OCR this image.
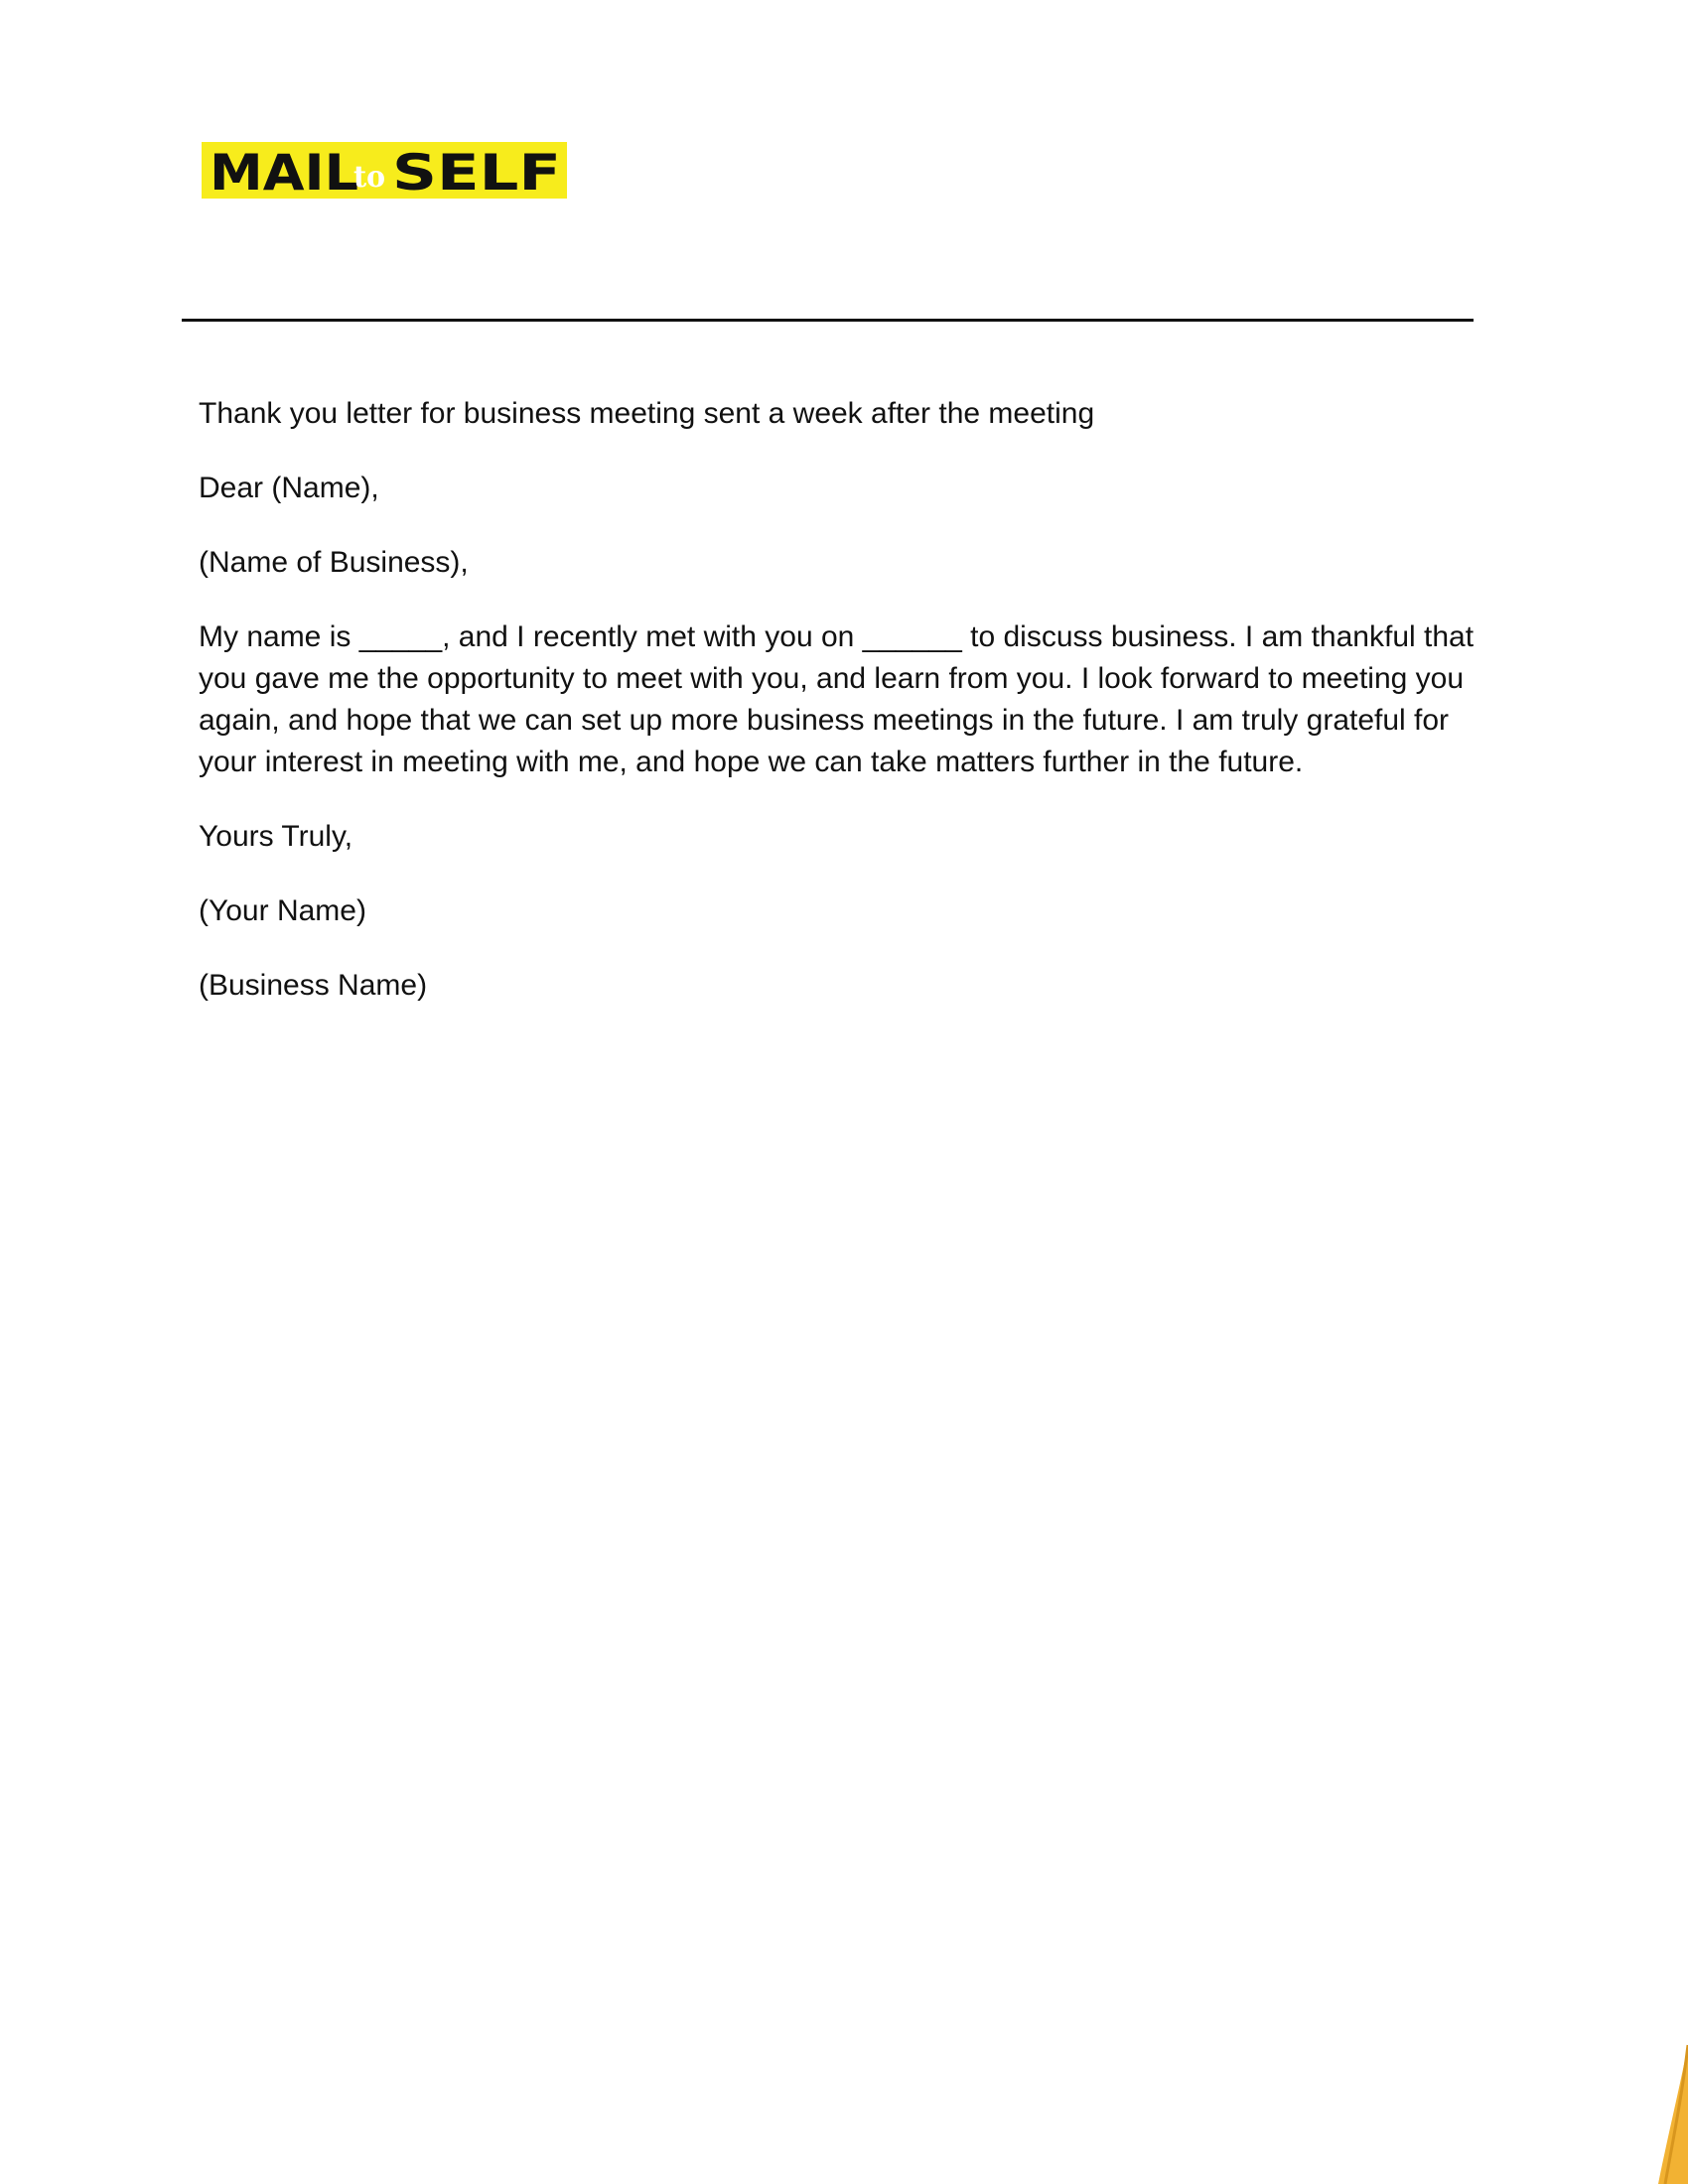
MAIL
to SELF

Thank you letter for business meeting sent a week after the meeting

Dear (Name),

(Name of Business),

My name is _____, and I recently met with you on ______ to discuss business. I am thankful that you gave me the opportunity to meet with you, and learn from you. I look forward to meeting you again, and hope that we can set up more business meetings in the future. I am truly grateful for your interest in meeting with me, and hope we can take matters further in the future.

Yours Truly,

(Your Name)

(Business Name)
